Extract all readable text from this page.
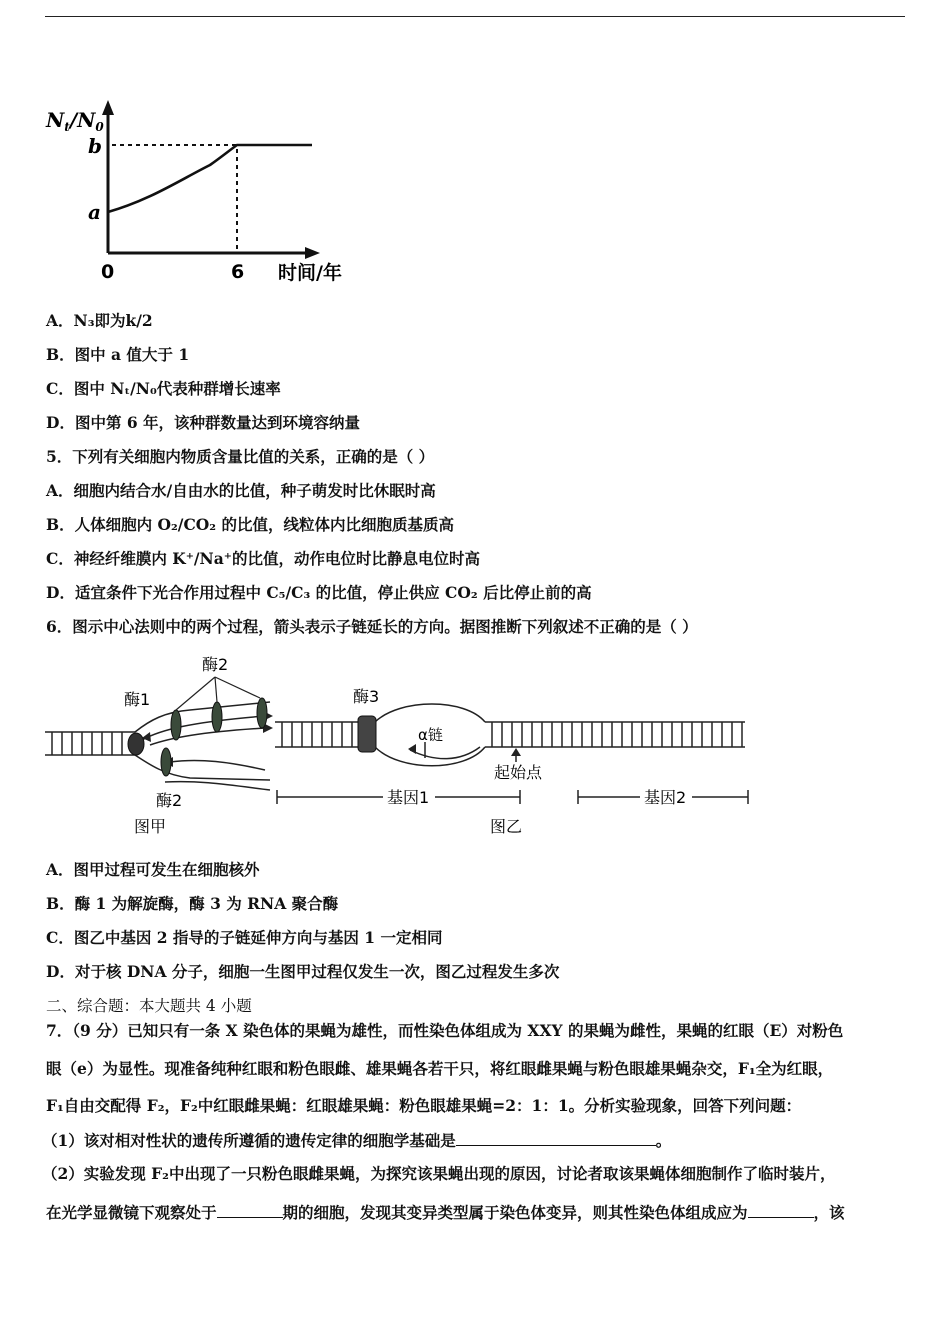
$N_t/N_0$
b
a
0	6 时间/年
A．N₃即为k/2
B．图中 a 值大于 1
C．图中 Nₜ/N₀代表种群增长速率
D．图中第 6 年，该种群数量达到环境容纳量
5．下列有关细胞内物质含量比值的关系，正确的是（ ）
A．细胞内结合水/自由水的比值，种子萌发时比休眠时高
B．人体细胞内 O₂/CO₂ 的比值，线粒体内比细胞质基质高
C．神经纤维膜内 K⁺/Na⁺的比值，动作电位时比静息电位时高
D．适宜条件下光合作用过程中 C₅/C₃ 的比值，停止供应 CO₂ 后比停止前的高
6．图示中心法则中的两个过程，箭头表示子链延长的方向。据图推断下列叙述不正确的是（ ）
酶2
酶1
酶2
酶3
α链
起始点
基因1	基因2
图甲	图乙
A．图甲过程可发生在细胞核外
B．酶 1 为解旋酶，酶 3 为 RNA 聚合酶
C．图乙中基因 2 指导的子链延伸方向与基因 1 一定相同
D．对于核 DNA 分子，细胞一生图甲过程仅发生一次，图乙过程发生多次
二、综合题：本大题共 4 小题
7．（9 分）已知只有一条 X 染色体的果蝇为雄性，而性染色体组成为 XXY 的果蝇为雌性，果蝇的红眼（E）对粉色
眼（e）为显性。现准备纯种红眼和粉色眼雌、雄果蝇各若干只，将红眼雌果蝇与粉色眼雄果蝇杂交，F₁全为红眼，
F₁自由交配得 F₂，F₂中红眼雌果蝇：红眼雄果蝇：粉色眼雄果蝇=2：1：1。分析实验现象，回答下列问题：
（1）该对相对性状的遗传所遵循的遗传定律的细胞学基础是	。
（2）实验发现 F₂中出现了一只粉色眼雌果蝇，为探究该果蝇出现的原因，讨论者取该果蝇体细胞制作了临时装片，
在光学显微镜下观察处于	期的细胞，发现其变异类型属于染色体变异，则其性染色体组成应为	，该
